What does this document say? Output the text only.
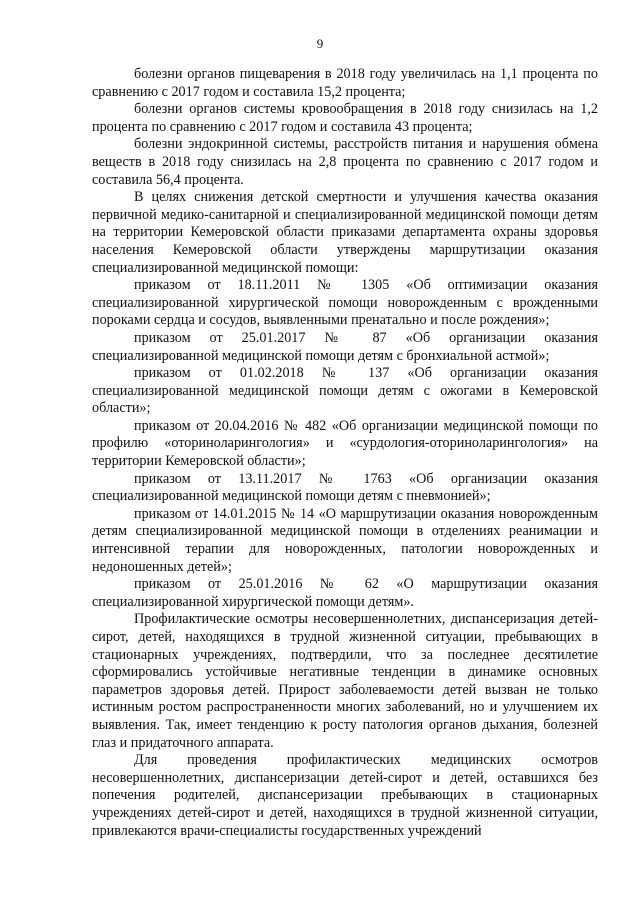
9

болезни органов пищеварения в 2018 году увеличилась на 1,1 процента по сравнению с 2017 годом и составила 15,2 процента;

болезни органов системы кровообращения в 2018 году снизилась на 1,2 процента по сравнению с 2017 годом и составила 43 процента;

болезни эндокринной системы, расстройств питания и нарушения обмена веществ в 2018 году снизилась на 2,8 процента по сравнению с 2017 годом и составила 56,4 процента.

В целях снижения детской смертности и улучшения качества оказания первичной медико-санитарной и специализированной медицинской помощи детям на территории Кемеровской области приказами департамента охраны здоровья населения Кемеровской области утверждены маршрутизации оказания специализированной медицинской помощи:

приказом от 18.11.2011 № 1305 «Об оптимизации оказания специализированной хирургической помощи новорожденным с врожденными пороками сердца и сосудов, выявленными пренатально и после рождения»;

приказом от 25.01.2017 № 87 «Об организации оказания специализированной медицинской помощи детям с бронхиальной астмой»;

приказом от 01.02.2018 № 137 «Об организации оказания специализированной медицинской помощи детям с ожогами в Кемеровской области»;

приказом от 20.04.2016 № 482 «Об организации медицинской помощи по профилю «оториноларингология» и «сурдология-оториноларингология» на территории Кемеровской области»;

приказом от 13.11.2017 № 1763 «Об организации оказания специализированной медицинской помощи детям с пневмонией»;

приказом от 14.01.2015 № 14 «О маршрутизации оказания новорожденным детям специализированной медицинской помощи в отделениях реанимации и интенсивной терапии для новорожденных, патологии новорожденных и недоношенных детей»;

приказом от 25.01.2016 № 62 «О маршрутизации оказания специализированной хирургической помощи детям».

Профилактические осмотры несовершеннолетних, диспансеризация детей-сирот, детей, находящихся в трудной жизненной ситуации, пребывающих в стационарных учреждениях, подтвердили, что за последнее десятилетие сформировались устойчивые негативные тенденции в динамике основных параметров здоровья детей. Прирост заболеваемости детей вызван не только истинным ростом распространенности многих заболеваний, но и улучшением их выявления. Так, имеет тенденцию к росту патология органов дыхания, болезней глаз и придаточного аппарата.

Для проведения профилактических медицинских осмотров несовершеннолетних, диспансеризации детей-сирот и детей, оставшихся без попечения родителей, диспансеризации пребывающих в стационарных учреждениях детей-сирот и детей, находящихся в трудной жизненной ситуации, привлекаются врачи-специалисты государственных учреждений
